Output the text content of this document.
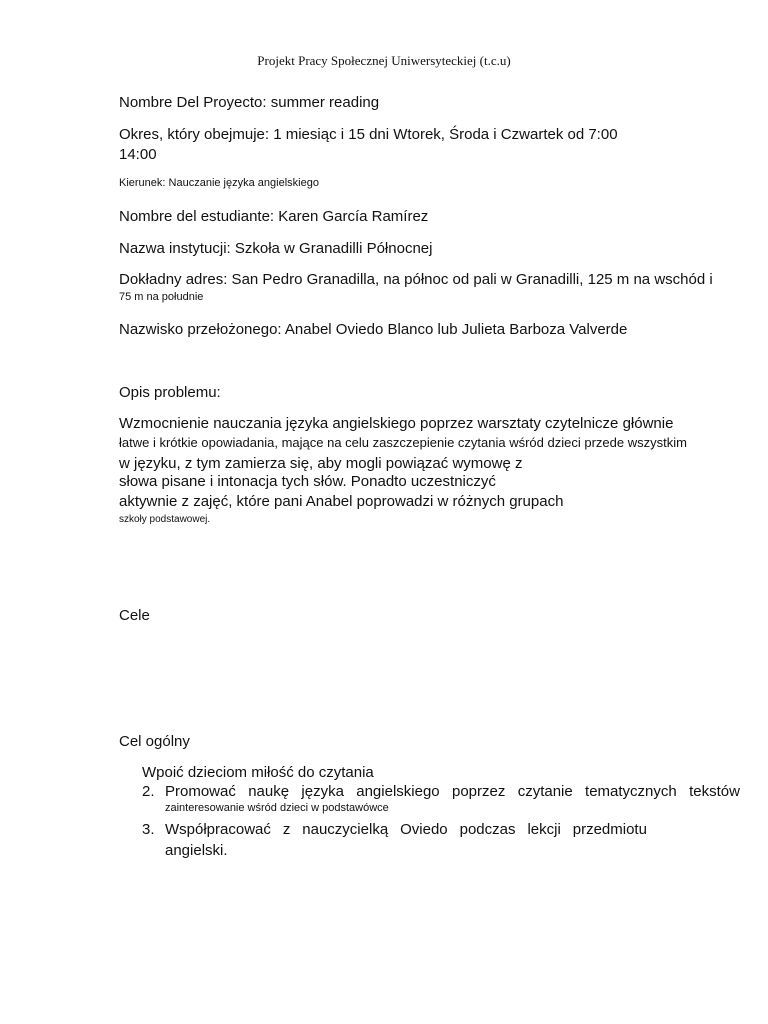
Projekt Pracy Społecznej Uniwersyteckiej (t.c.u)
Nombre Del Proyecto: summer reading
Okres, który obejmuje: 1 miesiąc i 15 dni Wtorek, Środa i Czwartek od 7:00
14:00
Kierunek: Nauczanie języka angielskiego
Nombre del estudiante: Karen García Ramírez
Nazwa instytucji: Szkoła w Granadilli Północnej
Dokładny adres: San Pedro Granadilla, na północ od pali w Granadilli, 125 m na wschód i
75 m na południe
Nazwisko przełożonego: Anabel Oviedo Blanco lub Julieta Barboza Valverde
Opis problemu:
Wzmocnienie nauczania języka angielskiego poprzez warsztaty czytelnicze głównie
łatwe i krótkie opowiadania, mające na celu zaszczepienie czytania wśród dzieci przede wszystkim
w języku, z tym zamierza się, aby mogli powiązać wymowę z
słowa pisane i intonacja tych słów. Ponadto uczestniczyć
aktywnie z zajęć, które pani Anabel poprowadzi w różnych grupach
szkoły podstawowej.
Cele
Cel ogólny
Wpoić dzieciom miłość do czytania
2. Promować naukę języka angielskiego poprzez czytanie tematycznych tekstów
zainteresowanie wśród dzieci w podstawówce
3. Współpracować z nauczycielką Oviedo podczas lekcji przedmiotu
angielski.
